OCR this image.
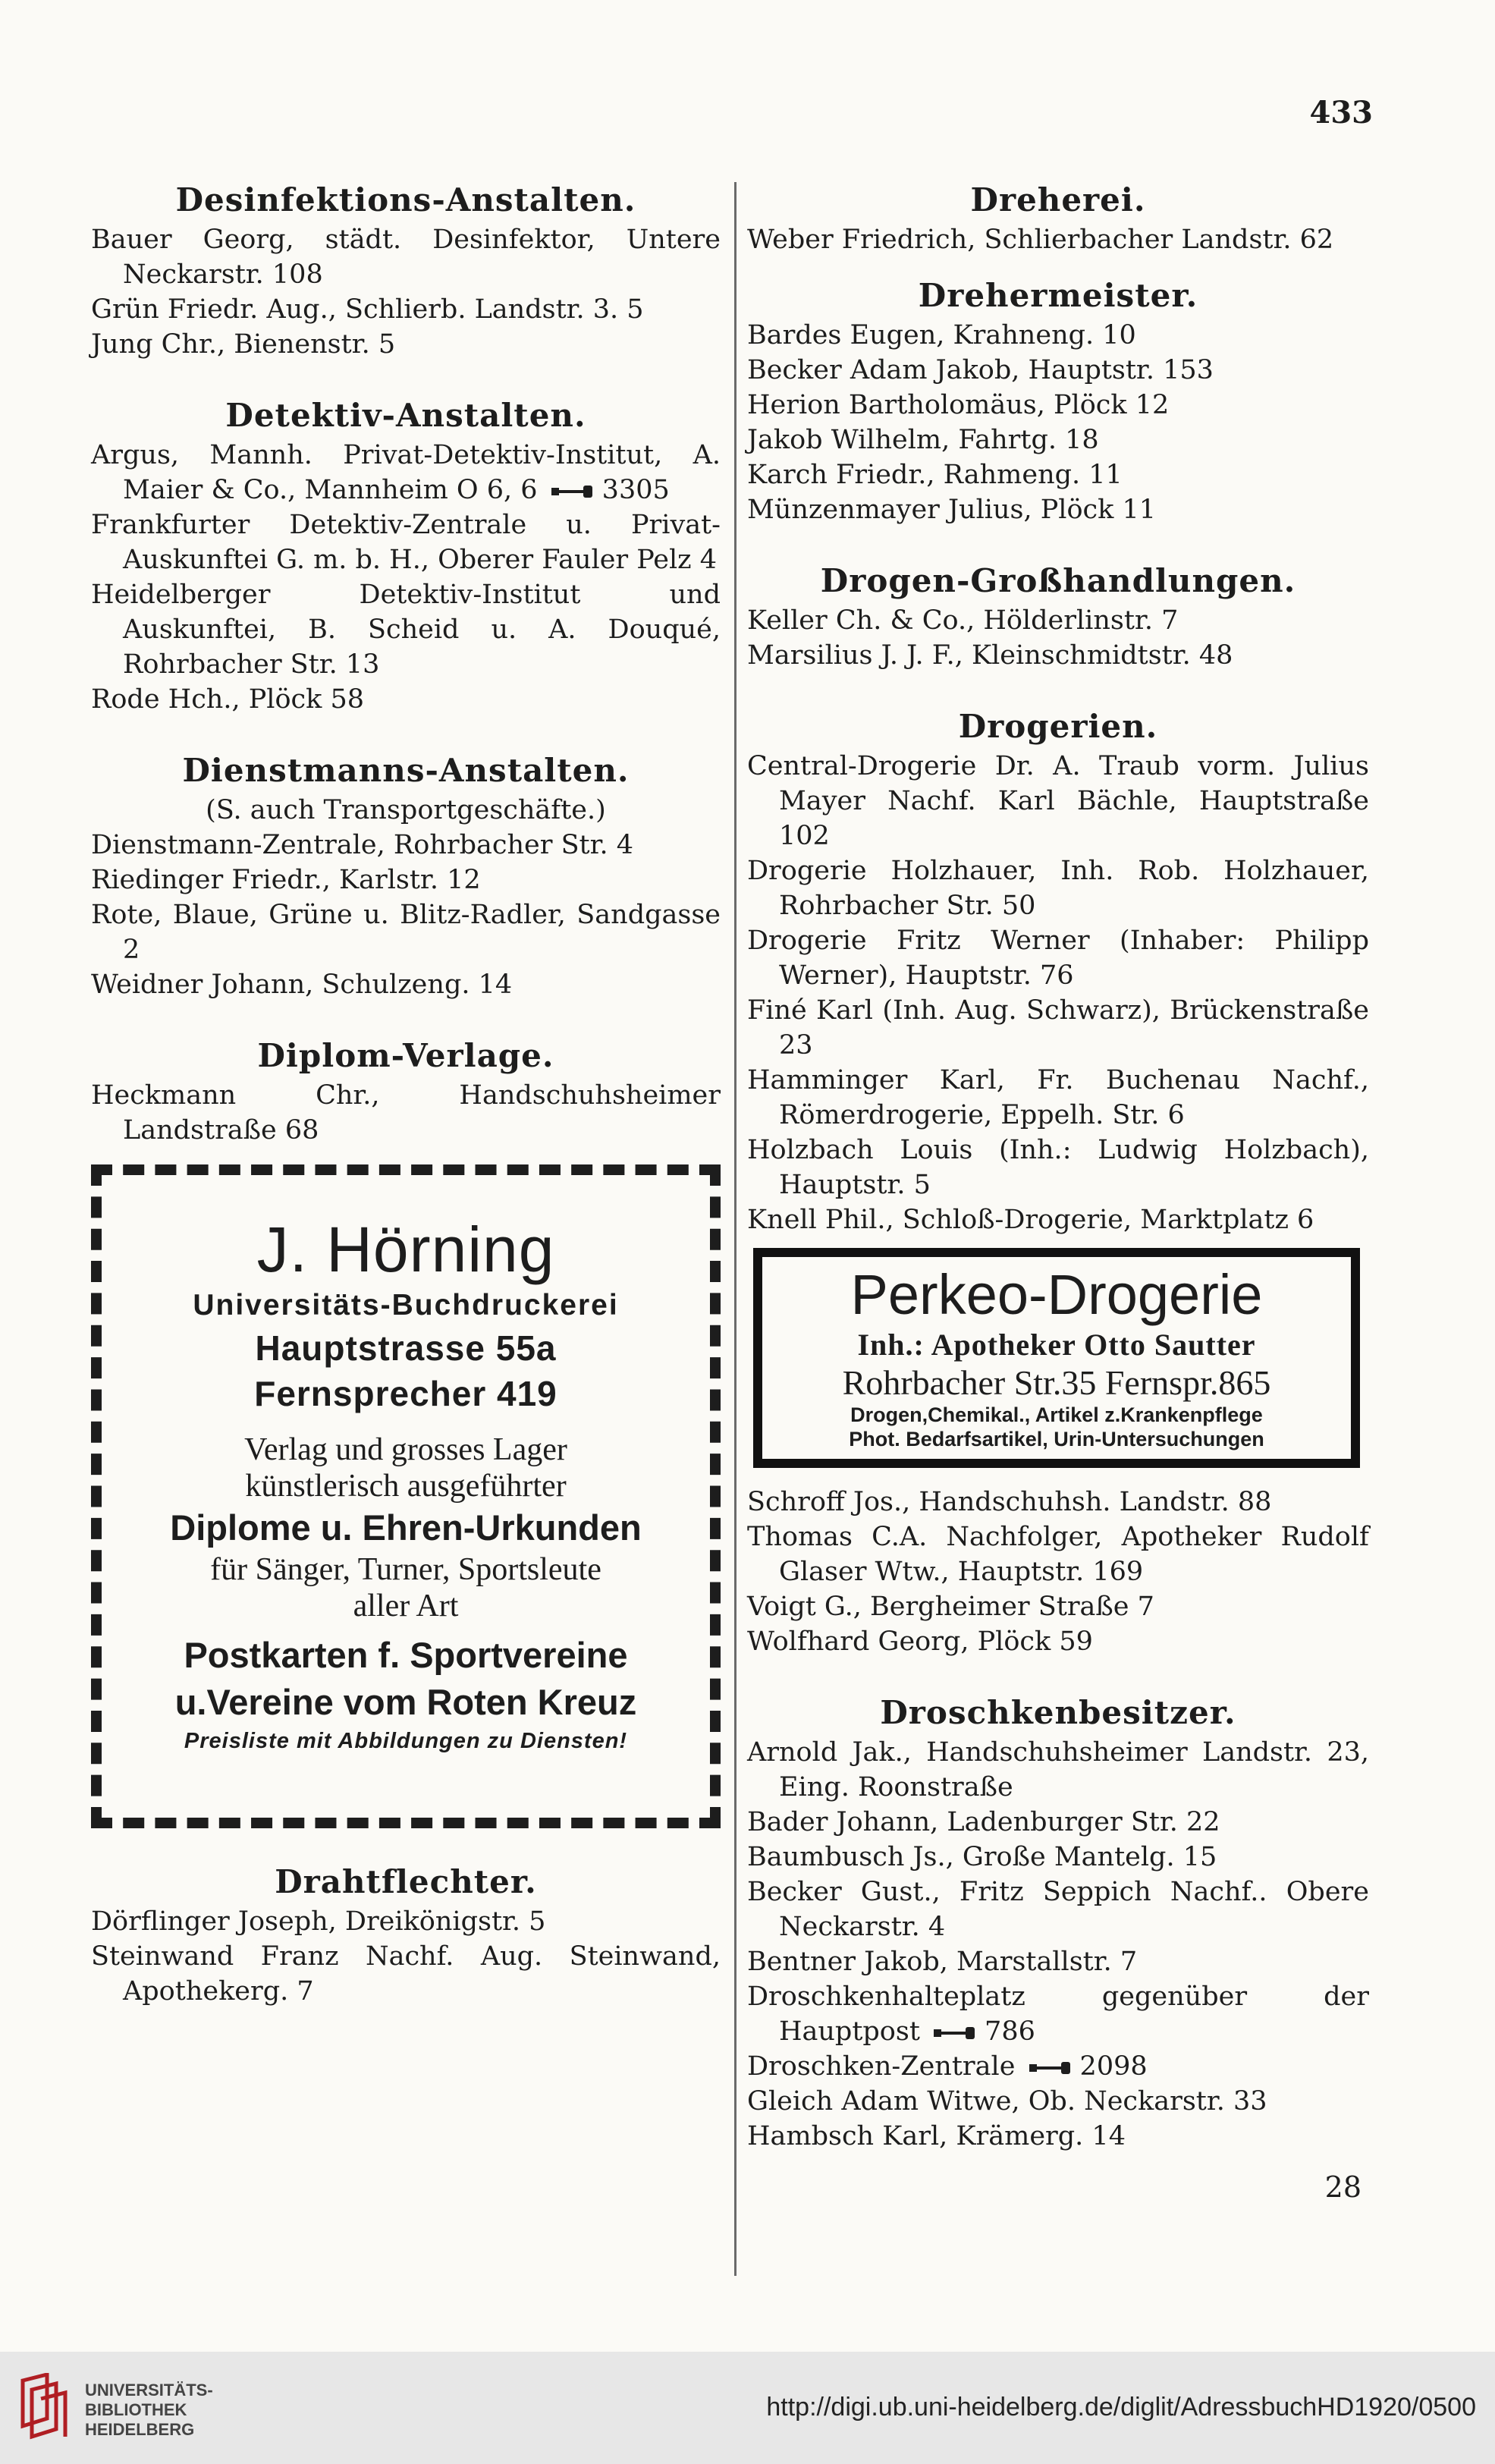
433
Desinfektions-Anstalten.

Bauer Georg, städt. Desinfektor, Untere Neckarstr. 108

Grün Friedr. Aug., Schlierb. Landstr. 3. 5

Jung Chr., Bienenstr. 5

Detektiv-Anstalten.

Argus, Mannh. Privat-Detektiv-Institut, A. Maier & Co., Mannheim O 6, 6 3305

Frankfurter Detektiv-Zentrale u. Privat-Auskunftei G. m. b. H., Oberer Fauler Pelz 4

Heidelberger Detektiv-Institut und Auskunftei, B. Scheid u. A. Douqué, Rohrbacher Str. 13

Rode Hch., Plöck 58

Dienstmanns-Anstalten.
(S. auch Transportgeschäfte.)

Dienstmann-Zentrale, Rohrbacher Str. 4

Riedinger Friedr., Karlstr. 12

Rote, Blaue, Grüne u. Blitz-Radler, Sandgasse 2

Weidner Johann, Schulzeng. 14

Diplom-Verlage.

Heckmann Chr., Handschuhsheimer Landstraße 68

J. Hörning
Universitäts-Buchdruckerei
Hauptstrasse 55a
Fernsprecher 419
Verlag und grosses Lager
künstlerisch ausgeführter
Diplome u. Ehren-Urkunden
für Sänger, Turner, Sportsleute
aller Art
Postkarten f. Sportvereine
u.Vereine vom Roten Kreuz
Preisliste mit Abbildungen zu Diensten!
Drahtflechter.

Dörflinger Joseph, Dreikönigstr. 5

Steinwand Franz Nachf. Aug. Steinwand, Apothekerg. 7

Dreherei.

Weber Friedrich, Schlierbacher Landstr. 62

Drehermeister.

Bardes Eugen, Krahneng. 10

Becker Adam Jakob, Hauptstr. 153

Herion Bartholomäus, Plöck 12

Jakob Wilhelm, Fahrtg. 18

Karch Friedr., Rahmeng. 11

Münzenmayer Julius, Plöck 11

Drogen-Großhandlungen.

Keller Ch. & Co., Hölderlinstr. 7

Marsilius J. J. F., Kleinschmidtstr. 48

Drogerien.

Central-Drogerie Dr. A. Traub vorm. Julius Mayer Nachf. Karl Bächle, Hauptstraße 102

Drogerie Holzhauer, Inh. Rob. Holzhauer, Rohrbacher Str. 50

Drogerie Fritz Werner (Inhaber: Philipp Werner), Hauptstr. 76

Finé Karl (Inh. Aug. Schwarz), Brückenstraße 23

Hamminger Karl, Fr. Buchenau Nachf., Römerdrogerie, Eppelh. Str. 6

Holzbach Louis (Inh.: Ludwig Holzbach), Hauptstr. 5

Knell Phil., Schloß-Drogerie, Marktplatz 6

Perkeo-Drogerie
Inh.: Apotheker Otto Sautter
Rohrbacher Str.35 Fernspr.865
Drogen,Chemikal., Artikel z.Krankenpflege
Phot. Bedarfsartikel, Urin-Untersuchungen

Schroff Jos., Handschuhsh. Landstr. 88

Thomas C.A. Nachfolger, Apotheker Rudolf Glaser Wtw., Hauptstr. 169

Voigt G., Bergheimer Straße 7

Wolfhard Georg, Plöck 59

Droschkenbesitzer.

Arnold Jak., Handschuhsheimer Landstr. 23, Eing. Roonstraße

Bader Johann, Ladenburger Str. 22

Baumbusch Js., Große Mantelg. 15

Becker Gust., Fritz Seppich Nachf.. Obere Neckarstr. 4

Bentner Jakob, Marstallstr. 7

Droschkenhalteplatz gegenüber der Hauptpost 786

Droschken-Zentrale 2098

Gleich Adam Witwe, Ob. Neckarstr. 33

Hambsch Karl, Krämerg. 14

28
UNIVERSITÄTS-
BIBLIOTHEK
HEIDELBERG
http://digi.ub.uni-heidelberg.de/diglit/AdressbuchHD1920/0500
